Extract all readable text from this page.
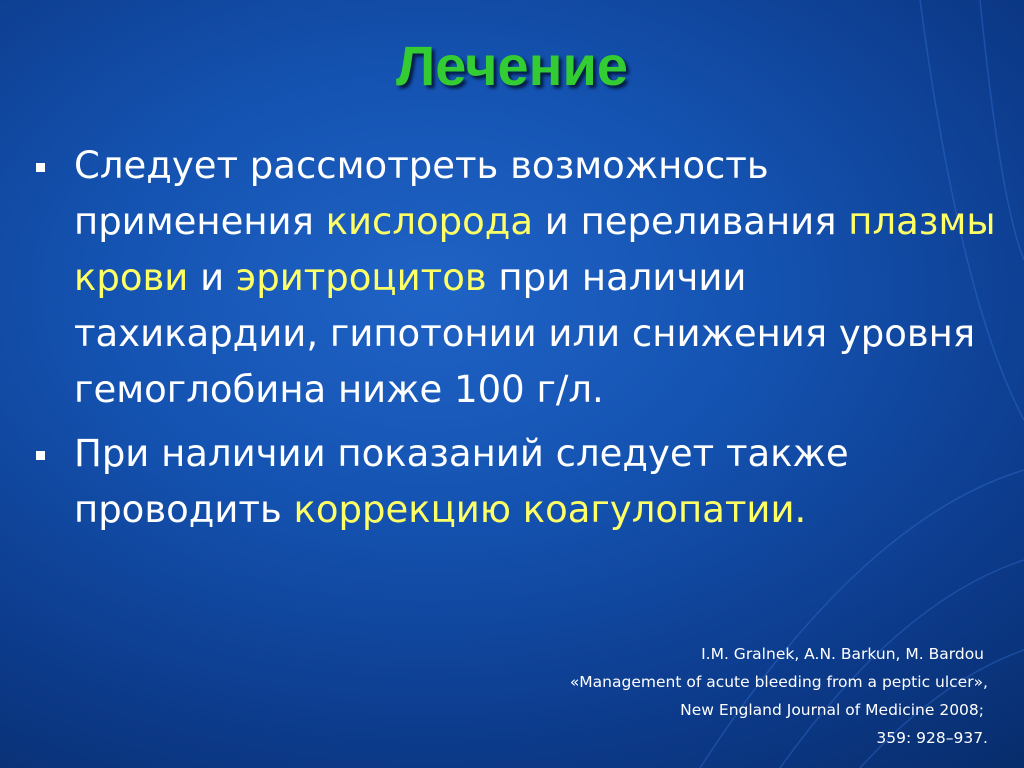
Лечение
Следует рассмотреть возможность применения кислорода и переливания плазмы крови и эритроцитов при наличии тахикардии, гипотонии или снижения уровня гемоглобина ниже 100 г/л.
При наличии показаний следует также проводить коррекцию коагулопатии.
I.M. Gralnek, A.N. Barkun, M. Bardou
«Management of acute bleeding from a peptic ulcer»,
New England Journal of Medicine 2008;
359: 928–937.
